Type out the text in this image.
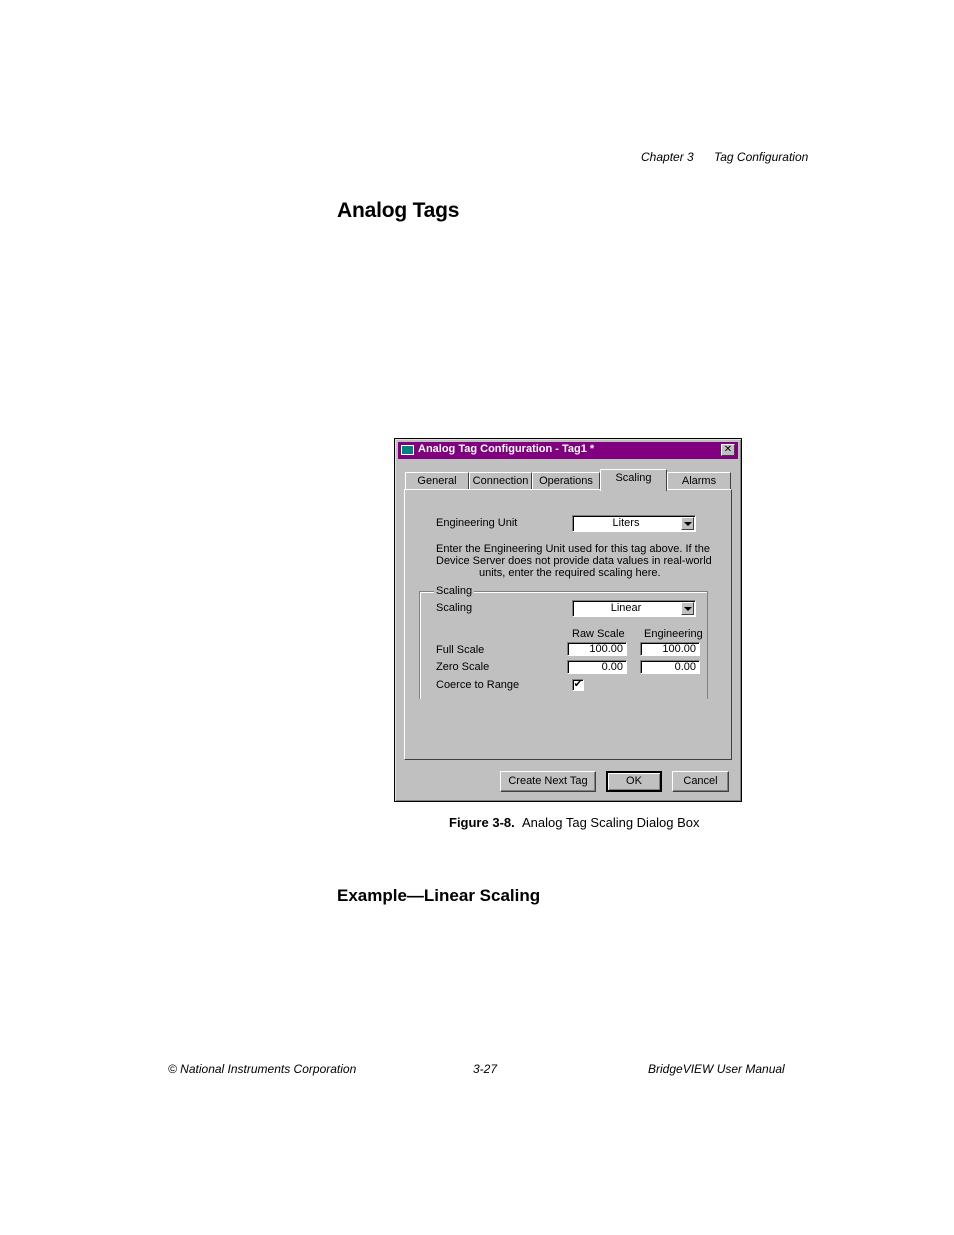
Chapter 3 Tag Configuration
Analog Tags
Analog Tag Configuration - Tag1 *	✕
General	Connection Operations	Scaling	Alarms
Engineering Unit	Liters
Enter the Engineering Unit used for this tag above. If the
Device Server does not provide data values in real-world
units, enter the required scaling here.
Scaling
Scaling	Linear
Raw Scale Engineering
Full Scale	100.00	100.00
Zero Scale	0.00	0.00
Coerce to Range	✔
Create Next Tag	OK	Cancel
Figure 3-8. Analog Tag Scaling Dialog Box
Example—Linear Scaling
© National Instruments Corporation	3-27	BridgeVIEW User Manual
